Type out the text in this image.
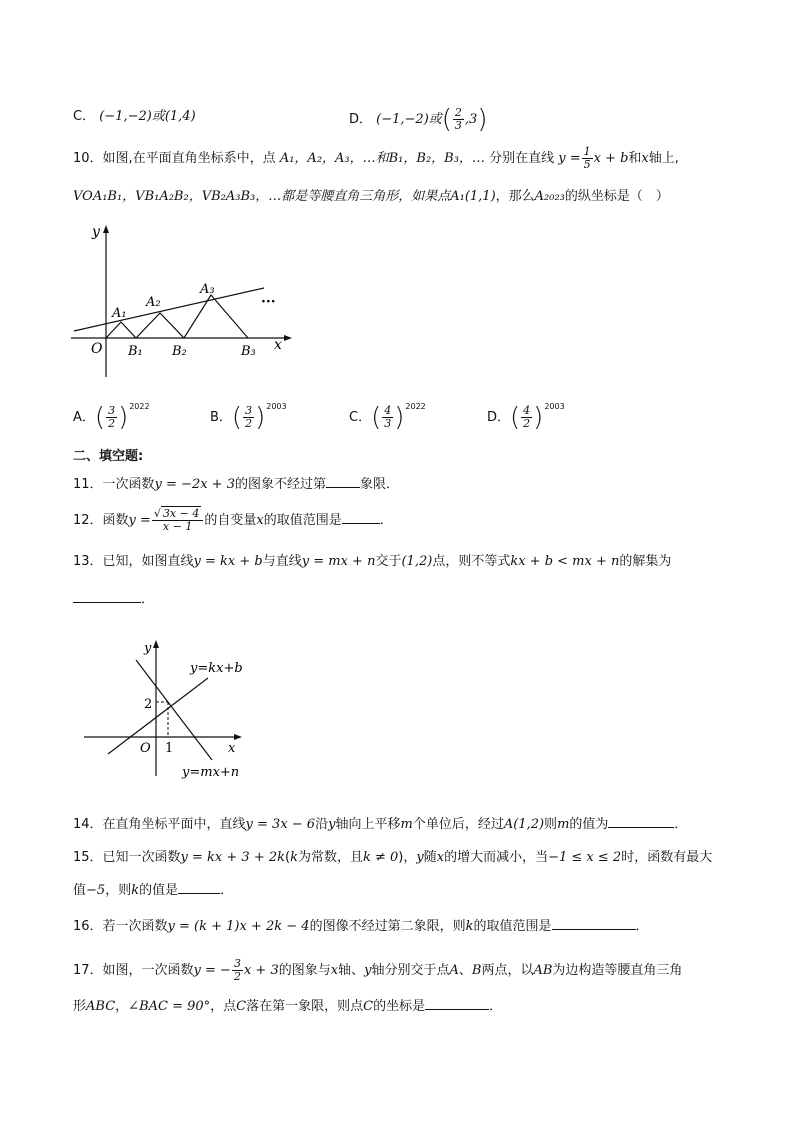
C． (−1,−2)或(1,4)	D． (−1,−2)或( $\frac{2}{3} ,3$)
10．如图,在平面直角坐标系中，点 A₁，A₂，A₃，…和B₁，B₂，B₃，… 分别在直线 $y = \frac{1}{5}$ x + b和x轴上,
VOA₁B₁，VB₁A₂B₂，VB₂A₃B₃，…都是等腰直角三角形，如果点A₁(1,1)，那么A₂₀₂₃的纵坐标是（　）
y
x
O
A₁
A₂
A₃
B₁ B₂	B₃
···
A．( $\frac{3}{2} )^{2022}$
B．( $\frac{3}{2} )^{2003}$
C．( $\frac{4}{3} )^{2022}$
D．( $\frac{4}{2} )^{2003}$
二、填空题:
11．一次函数y = −2x + 3的图象不经过第	象限．
12．函数$y = \frac{√ 3x - 4}{x - 1}$ 的自变量x的取值范围是	．
13．已知，如图直线y = kx + b与直线y = mx + n交于(1,2)点，则不等式kx + b < mx + n的解集为
．
y
x
O
2
1
y=kx+b
y=mx+n
14．在直角坐标平面中，直线y = 3x − 6沿y轴向上平移m个单位后，经过A(1,2)则m的值为	．
15．已知一次函数y = kx + 3 + 2k(k为常数，且k ≠ 0)，y随x的增大而减小，当−1 ≤ x ≤ 2时，函数有最大
值−5，则k的值是	．
16．若一次函数y = (k + 1)x + 2k − 4的图像不经过第二象限，则k的取值范围是	．
17．如图，一次函数y = − $\frac{3}{2}$ x + 3的图象与x轴、y轴分别交于点A、B两点，以AB为边构造等腰直角三角
形ABC，∠BAC = 90°，点C落在第一象限，则点C的坐标是	．
